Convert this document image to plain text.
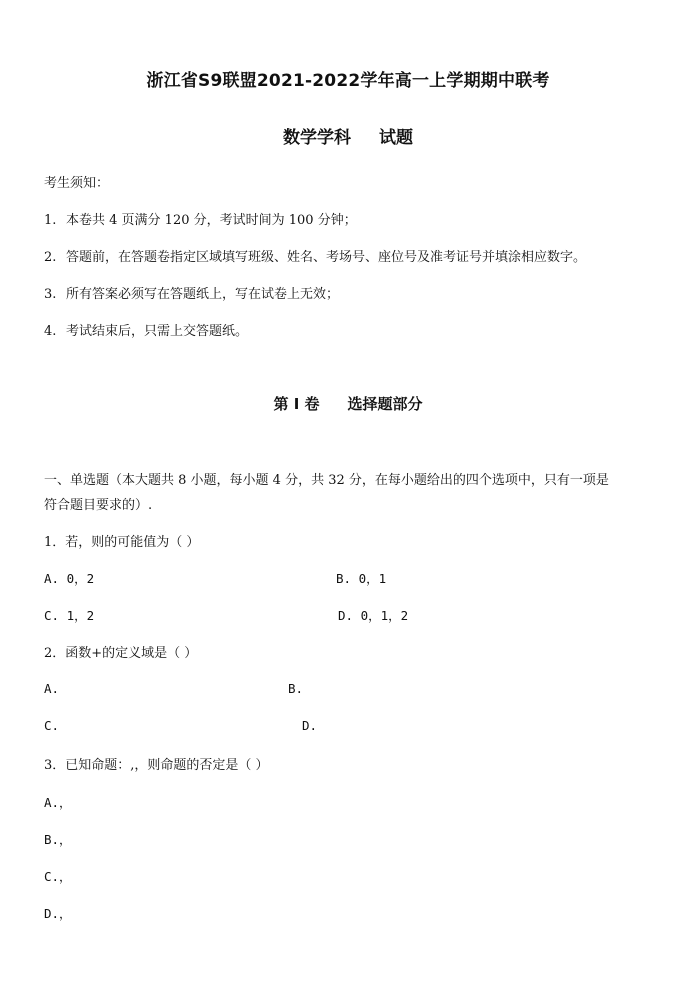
浙江省S9联盟2021-2022学年高一上学期期中联考
数学学科 试题
考生须知：
1. 本卷共 4 页满分 120 分，考试时间为 100 分钟；
2. 答题前，在答题卷指定区域填写班级、姓名、考场号、座位号及准考证号并填涂相应数字。
3. 所有答案必须写在答题纸上，写在试卷上无效；
4. 考试结束后，只需上交答题纸。
第 I 卷 选择题部分
一、单选题（本大题共 8 小题，每小题 4 分，共 32 分，在每小题给出的四个选项中，只有一项是
符合题目要求的）.
1．若，则的可能值为（ ）
A. 0，2	B. 0，1
C. 1，2	D. 0，1，2
2．函数+的定义域是（ ）
A.	B.
C.	D.
3．已知命题：,，则命题的否定是（ ）
A.，
B.，
C.，
D.，
